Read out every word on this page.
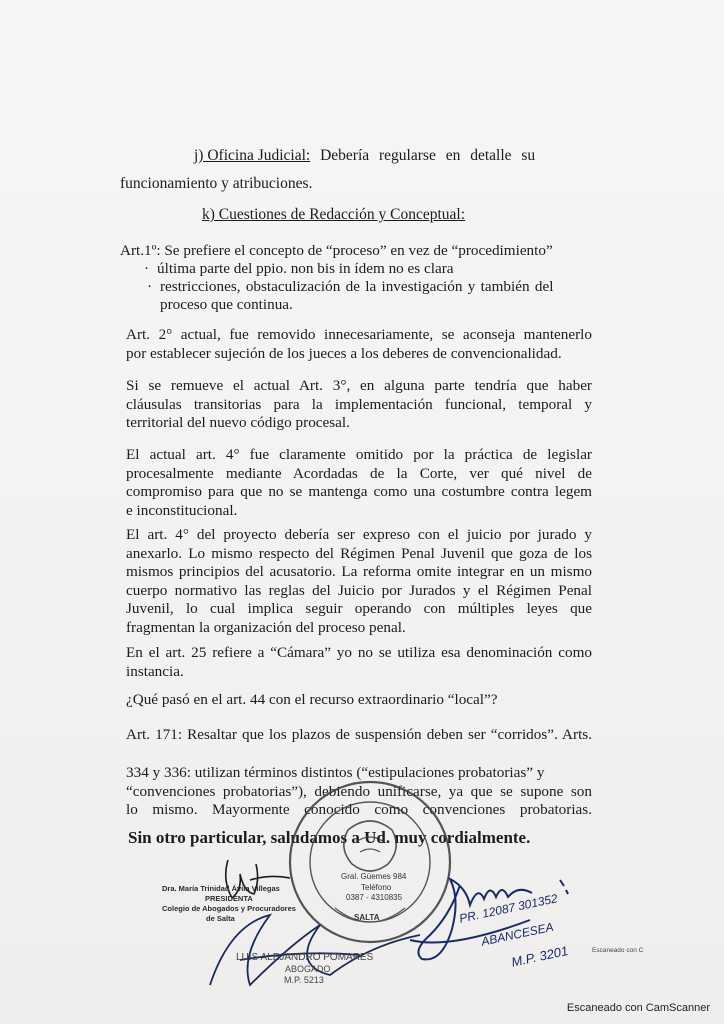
j) Oficina Judicial: Debería regularse en detalle su
funcionamiento y atribuciones.
k) Cuestiones de Redacción y Conceptual:
Art.1º: Se prefiere el concepto de “proceso” en vez de “procedimiento”
· última parte del ppio. non bis in ídem no es clara
· restricciones, obstaculización de la investigación y también del
proceso que continua.
Art. 2° actual, fue removido innecesariamente, se aconseja mantenerlo
por establecer sujeción de los jueces a los deberes de convencionalidad.
Si se remueve el actual Art. 3°, en alguna parte tendría que haber
cláusulas transitorias para la implementación funcional, temporal y
territorial del nuevo código procesal.
El actual art. 4° fue claramente omitido por la práctica de legislar
procesalmente mediante Acordadas de la Corte, ver qué nivel de
compromiso para que no se mantenga como una costumbre contra legem
e inconstitucional.
El art. 4° del proyecto debería ser expreso con el juicio por jurado y
anexarlo. Lo mismo respecto del Régimen Penal Juvenil que goza de los
mismos principios del acusatorio. La reforma omite integrar en un mismo
cuerpo normativo las reglas del Juicio por Jurados y el Régimen Penal
Juvenil, lo cual implica seguir operando con múltiples leyes que
fragmentan la organización del proceso penal.
En el art. 25 refiere a “Cámara” yo no se utiliza esa denominación como
instancia.
¿Qué pasó en el art. 44 con el recurso extraordinario “local”?
Art. 171: Resaltar que los plazos de suspensión deben ser “corridos”. Arts.
334 y 336: utilizan términos distintos (“estipulaciones probatorias” y
“convenciones probatorias”), debiendo unificarse, ya que se supone son
lo mismo. Mayormente conocido como convenciones probatorias.
Sin otro particular, saludamos a Ud. muy cordialmente.
Gral. Güemes 984
Teléfono
0387 - 4310835
SALTA
Dra. María Trinidad Ávila Villegas
PRESIDENTA
Colegio de Abogados y Procuradores
de Salta
LUIS ALEJANDRO POMARES
ABOGADO
M.P. 5213
PR. 12087 301352
ABANCESEA
M.P. 3201	Escaneado con C
Escaneado con CamScanner
